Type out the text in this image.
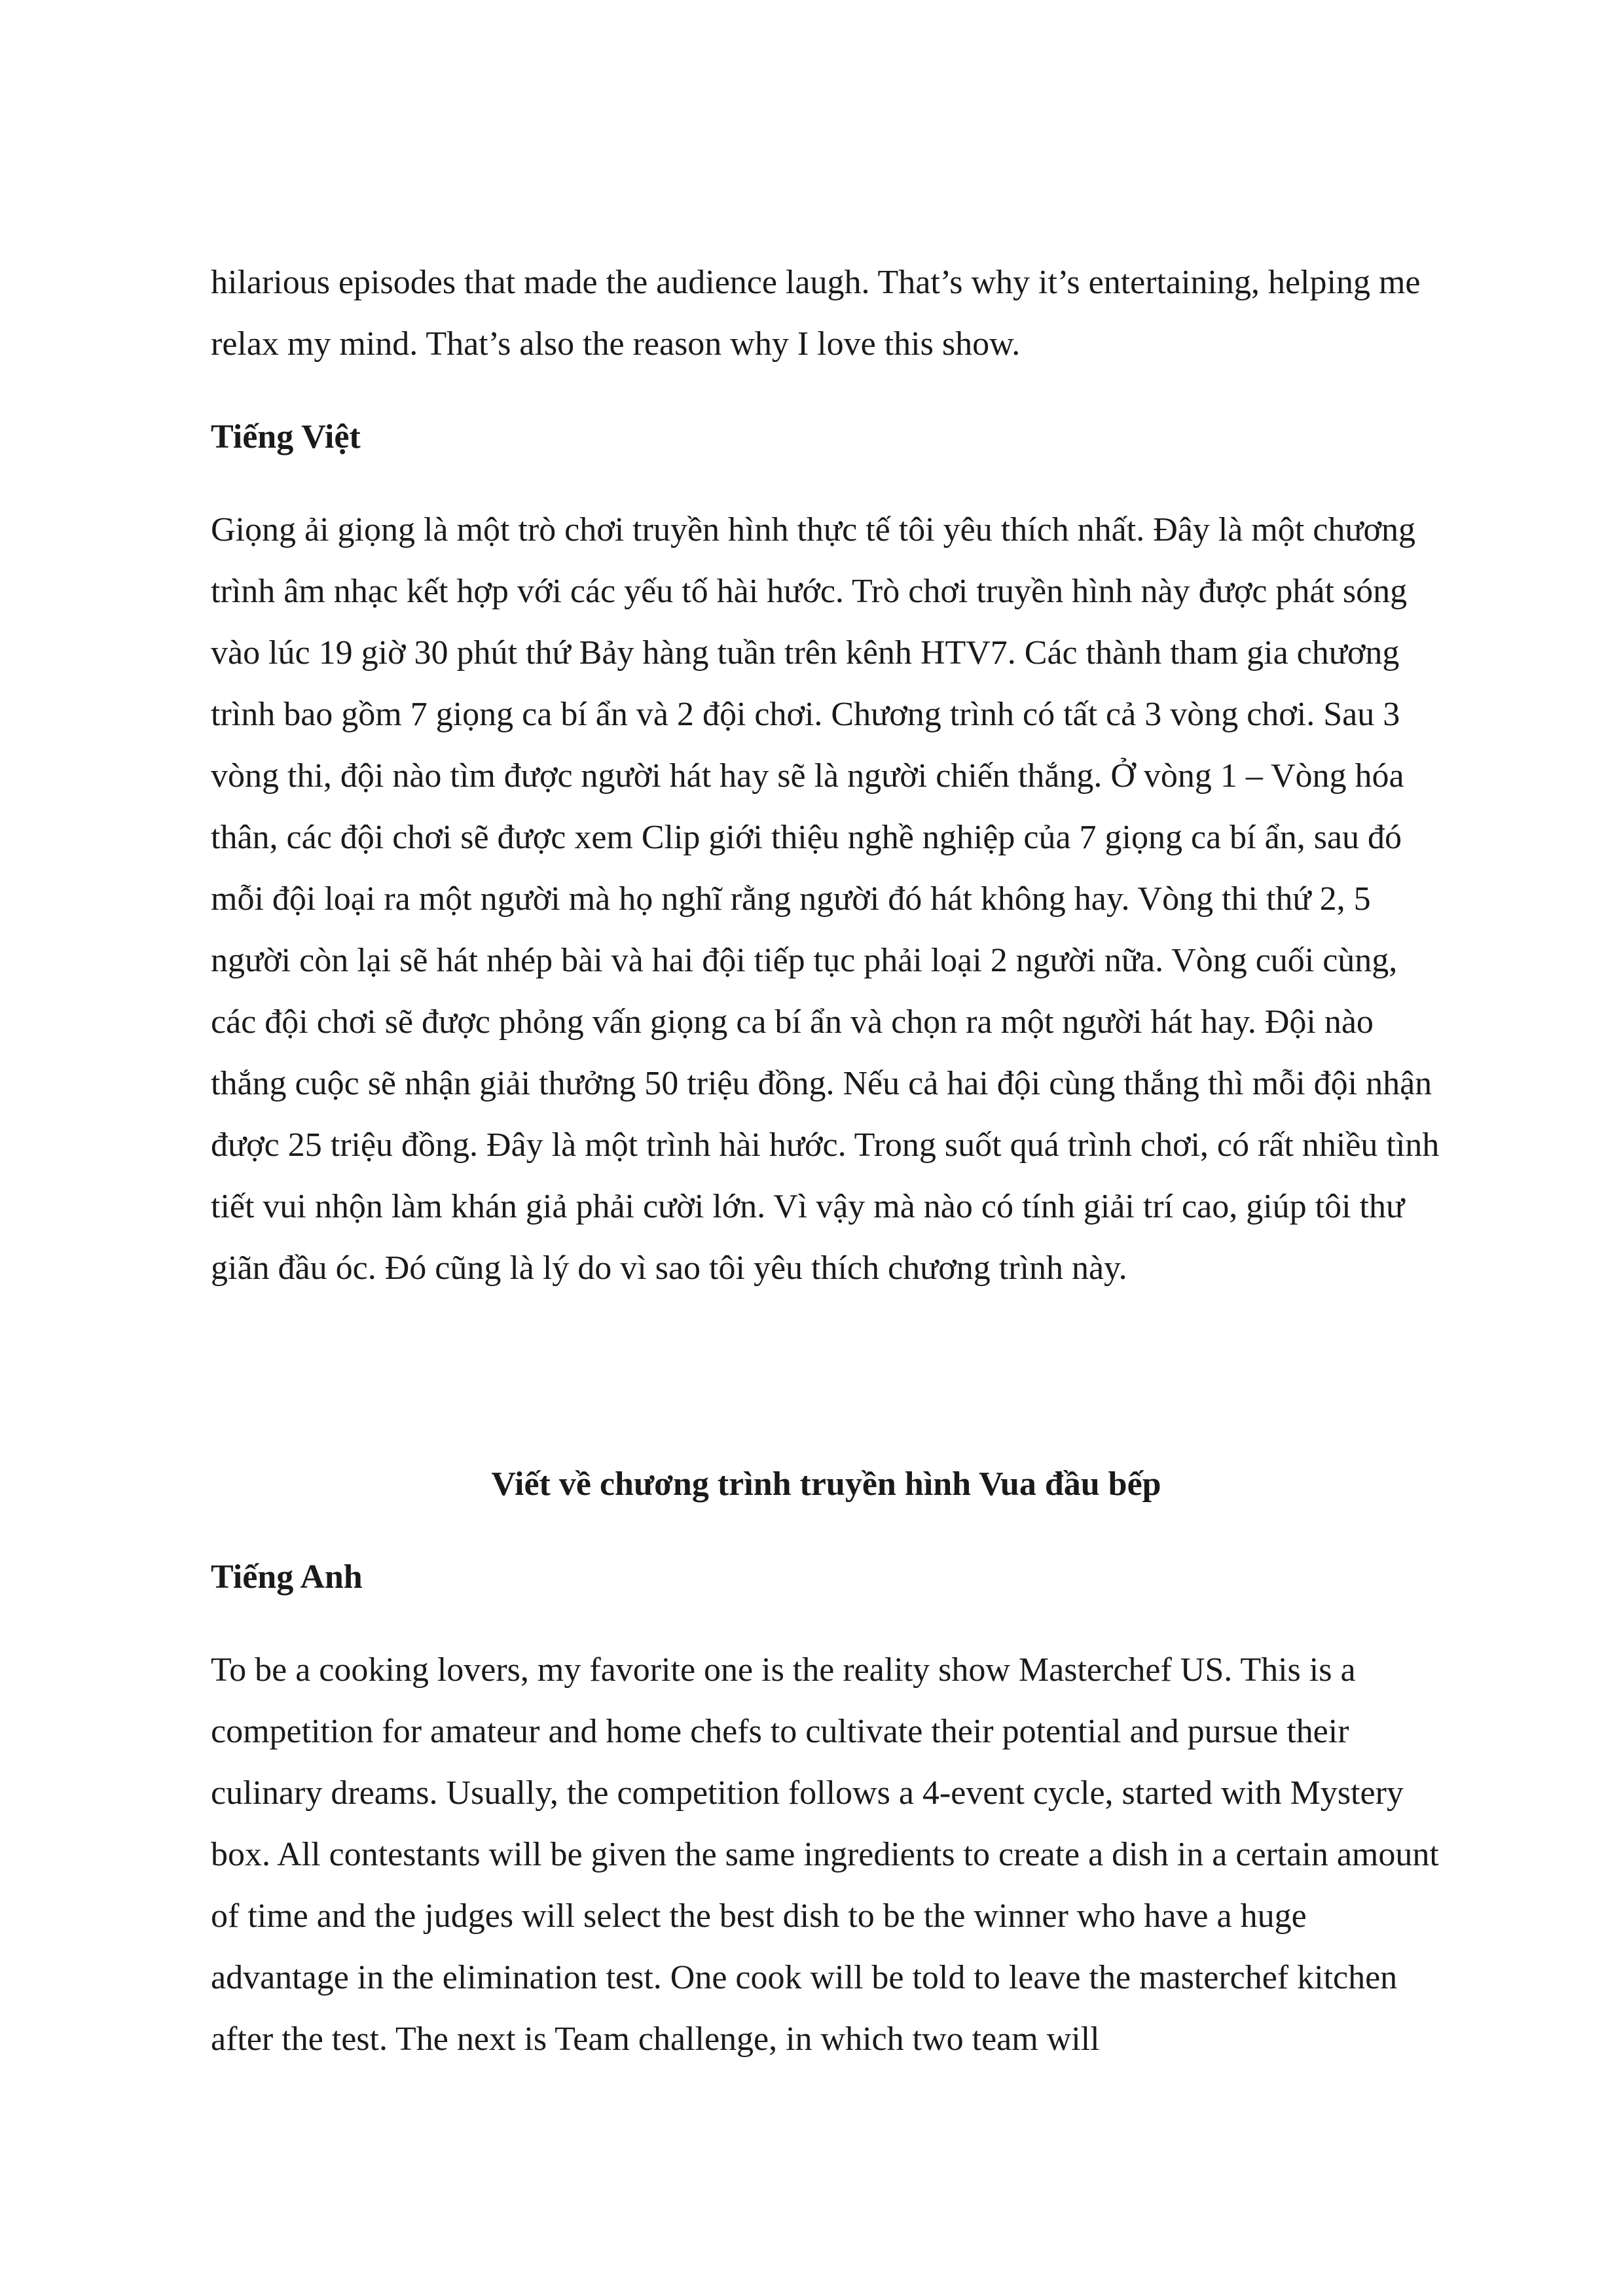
hilarious episodes that made the audience laugh. That’s why it’s entertaining, helping me relax my mind. That’s also the reason why I love this show.

Tiếng Việt

Giọng ải giọng là một trò chơi truyền hình thực tế tôi yêu thích nhất. Đây là một chương trình âm nhạc kết hợp với các yếu tố hài hước. Trò chơi truyền hình này được phát sóng vào lúc 19 giờ 30 phút thứ Bảy hàng tuần trên kênh HTV7. Các thành tham gia chương trình bao gồm 7 giọng ca bí ẩn và 2 đội chơi. Chương trình có tất cả 3 vòng chơi. Sau 3 vòng thi, đội nào tìm được người hát hay sẽ là người chiến thắng. Ở vòng 1 – Vòng hóa thân, các đội chơi sẽ được xem Clip giới thiệu nghề nghiệp của 7 giọng ca bí ẩn, sau đó mỗi đội loại ra một người mà họ nghĩ rằng người đó hát không hay. Vòng thi thứ 2, 5 người còn lại sẽ hát nhép bài và hai đội tiếp tục phải loại 2 người nữa. Vòng cuối cùng, các đội chơi sẽ được phỏng vấn giọng ca bí ẩn và chọn ra một người hát hay. Đội nào thắng cuộc sẽ nhận giải thưởng 50 triệu đồng. Nếu cả hai đội cùng thắng thì mỗi đội nhận được 25 triệu đồng. Đây là một trình hài hước. Trong suốt quá trình chơi, có rất nhiều tình tiết vui nhộn làm khán giả phải cười lớn. Vì vậy mà nào có tính giải trí cao, giúp tôi thư giãn đầu óc. Đó cũng là lý do vì sao tôi yêu thích chương trình này.

Viết về chương trình truyền hình Vua đầu bếp

Tiếng Anh

To be a cooking lovers, my favorite one is the reality show Masterchef US. This is a competition for amateur and home chefs to cultivate their potential and pursue their culinary dreams. Usually, the competition follows a 4-event cycle, started with Mystery box. All contestants will be given the same ingredients to create a dish in a certain amount of time and the judges will select the best dish to be the winner who have a huge advantage in the elimination test. One cook will be told to leave the masterchef kitchen after the test. The next is Team challenge, in which two team will
